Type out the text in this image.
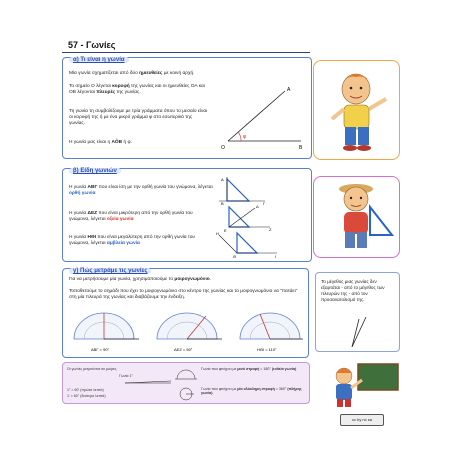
57 - Γωνίες
α) Τι είναι η γωνία

Μία γωνία σχηματίζεται από δύο ημιευθείες με κοινή αρχή.

Το σημείο Ο λέγεται κορυφή της γωνίας και οι ημιευθείες ΟΑ και ΟΒ λέγονται πλευρές της γωνίας.

Τη γωνία τη συμβολίζουμε με τρία γράμματα όπου το μεσαίο είναι οι κορυφή της ή με ένα μικρό γράμμα φ στο εσωτερικό της γωνίας.

Η γωνία μας είναι η ΑÔΒ ή φ.

Α
Ο	Β
φ
β) Είδη γωνιών

Η γωνία ΑΒΓ που είναι ίση με την ορθή γωνία του γνώμονα, λέγεται ορθή γωνία

Η γωνία ΔΕΖ που είναι μικρότερη από την ορθή γωνία του γνώμονα, λέγεται οξεία γωνία

Η γωνία ΗΘΙ που είναι μεγαλύτερη από την ορθή γωνία του γνώμονα, λέγεται αμβλεία γωνία

Α
Β	Γ
Δ
Ε	Ζ
Η
Θ	Ι
γ) Πώς μετράμε τις γωνίες

Για να μετρήσουμε μία γωνία, χρησιμοποιούμε το μοιρογνωμόνιο.

Τοποθετούμε το σημάδι που έχει το μοιρογνωμόνιο στο κέντρο της γωνίας και το μοιρογνωμόνιο να "πατάει" στη μία πλευρά της γωνίας και διαβάζουμε την ένδειξη.

ΑΒΓ = 90°	ΔΕΖ = 50°	ΗΘΙ = 110°

Το μέγεθος μιας γωνίας δεν εξαρτάται - από το μέγεθος των πλευρών της - από τον προσανατολισμό της.

Οι γωνίες μετρούνται σε μοίρες.

Γωνία 1°

1° = 60' (πρώτα λεπτά)

1' = 60'' (δεύτερα λεπτά)

Γωνία που φτιάχνει με μισό στροφή = 180° (ευθεία γωνία).

Γωνία που φτιάχνει με μία ολόκληρη στροφή = 360° (πλήρης γωνία).

cc by nc sa
